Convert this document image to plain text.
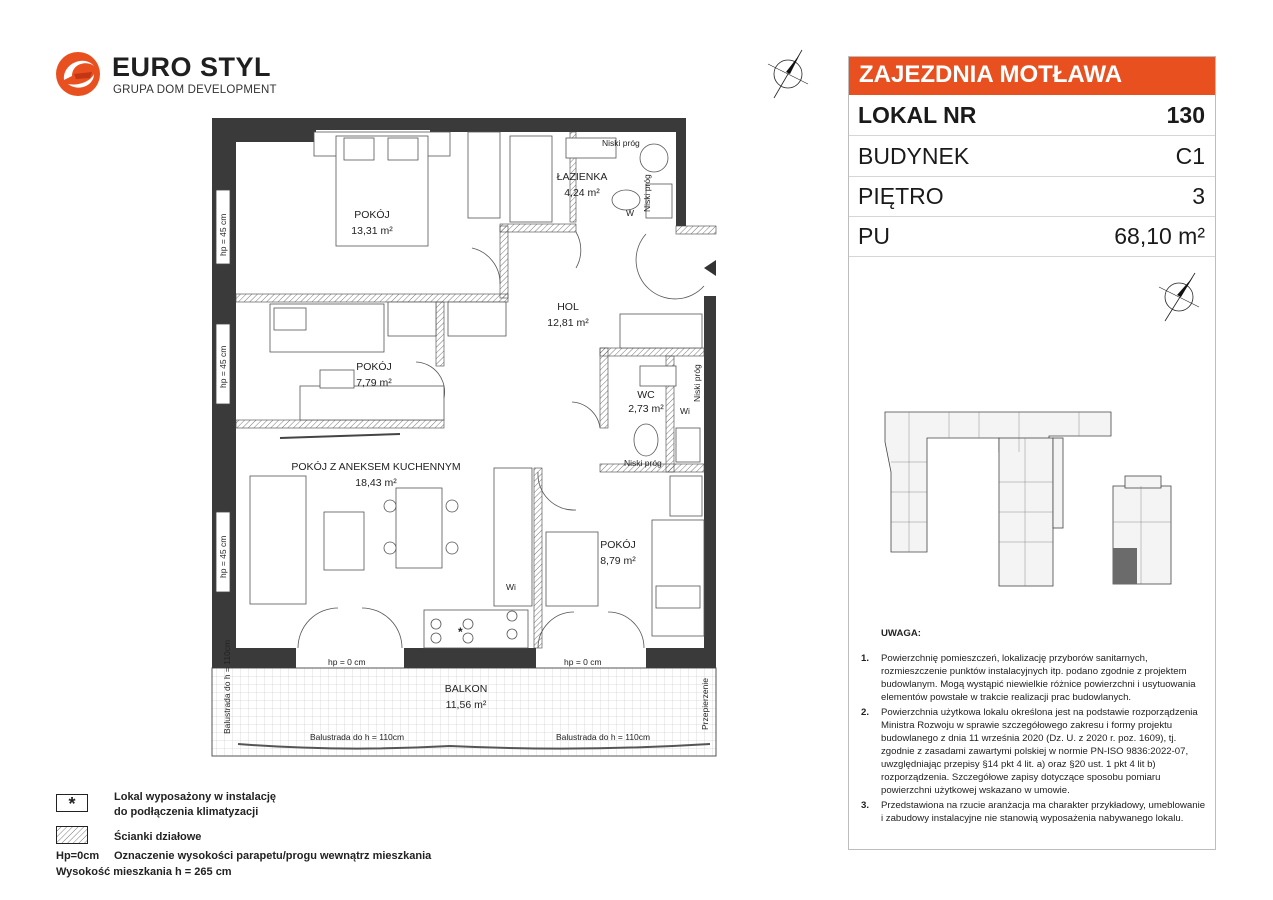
EURO STYL
GRUPA DOM DEVELOPMENT
ZAJEZDNIA MOTŁAWA
LOKAL NR	130
BUDYNEK	C1
PIĘTRO	3
PU	68,10 m²
UWAGA:
1. Powierzchnię pomieszczeń, lokalizację przyborów sanitarnych, rozmieszczenie punktów instalacyjnych itp. podano zgodnie z projektem budowlanym. Mogą wystąpić niewielkie różnice powierzchni i usytuowania elementów powstałe w trakcie realizacji prac budowlanych.
2. Powierzchnia użytkowa lokalu określona jest na podstawie rozporządzenia Ministra Rozwoju w sprawie szczegółowego zakresu i formy projektu budowlanego z dnia 11 września 2020 (Dz. U. z 2020 r. poz. 1609), tj. zgodnie z zasadami zawartymi polskiej w normie PN-ISO 9836:2022-07, uwzględniając przepisy §14 pkt 4 lit. a) oraz §20 ust. 1 pkt 4 lit b) rozporządzenia. Szczegółowe zapisy dotyczące sposobu pomiaru powierzchni użytkowej wskazano w umowie.
3. Przedstawiona na rzucie aranżacja ma charakter przykładowy, umeblowanie i zabudowy instalacyjne nie stanowią wyposażenia nabywanego lokalu.
POKÓJ
13,31 m²
ŁAZIENKA
4,24 m²
HOL
12,81 m²
POKÓJ
7,79 m²
WC
2,73 m²
POKÓJ Z ANEKSEM KUCHENNYM
18,43 m²
POKÓJ
8,79 m²
BALKON
11,56 m²
Niski próg
Niski próg
Niski próg
Niski próg
W
Wi
Wi
*
hp = 45 cm
hp = 45 cm
hp = 45 cm
hp = 0 cm	hp = 0 cm
Balustrada do h = 110cm	Balustrada do h = 110cm
Balustrada do h = 110cm	Przepierzenie
*	Lokal wyposażony w instalację
do podłączenia klimatyzacji
Ścianki działowe
Hp=0cm Oznaczenie wysokości parapetu/progu wewnątrz mieszkania
Wysokość mieszkania h = 265 cm
